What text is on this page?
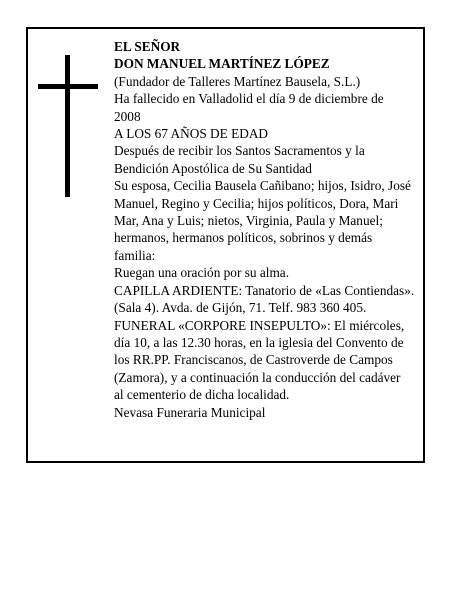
EL SEÑOR
DON MANUEL MARTÍNEZ LÓPEZ
(Fundador de Talleres Martínez Bausela, S.L.)
Ha fallecido en Valladolid el día 9 de diciembre de
2008
A LOS 67 AÑOS DE EDAD
Después de recibir los Santos Sacramentos y la
Bendición Apostólica de Su Santidad
Su esposa, Cecilia Bausela Cañibano; hijos, Isidro, José
Manuel, Regino y Cecilia; hijos políticos, Dora, Mari
Mar, Ana y Luis; nietos, Virginia, Paula y Manuel;
hermanos, hermanos políticos, sobrinos y demás
familia:
Ruegan una oración por su alma.
CAPILLA ARDIENTE: Tanatorio de «Las Contiendas».
(Sala 4). Avda. de Gijón, 71. Telf. 983 360 405.
FUNERAL «CORPORE INSEPULTO»: El miércoles,
día 10, a las 12.30 horas, en la iglesia del Convento de
los RR.PP. Franciscanos, de Castroverde de Campos
(Zamora), y a continuación la conducción del cadáver
al cementerio de dicha localidad.
Nevasa Funeraria Municipal
